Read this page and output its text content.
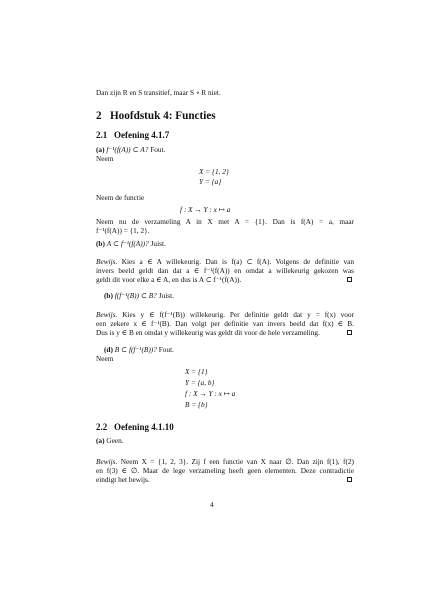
Dan zijn R en S transitief, maar S ∘ R niet.
2 Hoofdstuk 4: Functies
2.1 Oefening 4.1.7
(a) f⁻¹(f(A)) ⊂ A? Fout.
Neem
X = {1, 2}
Y = {a}
Neem de functie
f : X → Y : x ↦ a
Neem nu de verzameling A in X met A = {1}. Dan is f(A) = a, maar
f⁻¹(f(A)) = {1, 2}.
(b) A ⊂ f⁻¹(f(A))? Juist.
Bewijs. Kies a ∈ A willekeurig. Dan is f(a) ⊂ f(A). Volgens de definitie van
invers beeld geldt dan dat a ∈ f⁻¹(f(A)) en omdat a willekeurig gekozen was
geldt dit voor elke a ∈ A, en dus is A ⊂ f⁻¹(f(A)).
(b) f(f⁻¹(B)) ⊂ B? Juist.
Bewijs. Kies y ∈ f(f⁻¹(B)) willekeurig. Per definitie geldt dat y = f(x) voor
een zekere x ∈ f⁻¹(B). Dan volgt per definitie van invers beeld dat f(x) ∈ B.
Dus is y ∈ B en omdat y willekeurig was geldt dit voor de hele verzameling.
(d) B ⊂ f(f⁻¹(B))? Fout.
Neem
X = {1}
Y = {a, b}
f : X → Y : x ↦ a
B = {b}
2.2 Oefening 4.1.10
(a) Geen.
Bewijs. Neem X = {1, 2, 3}. Zij f een functie van X naar ∅. Dan zijn f(1), f(2)
en f(3) ∈ ∅. Maar de lege verzameling heeft geen elementen. Deze contradictie
eindigt het bewijs.
4
